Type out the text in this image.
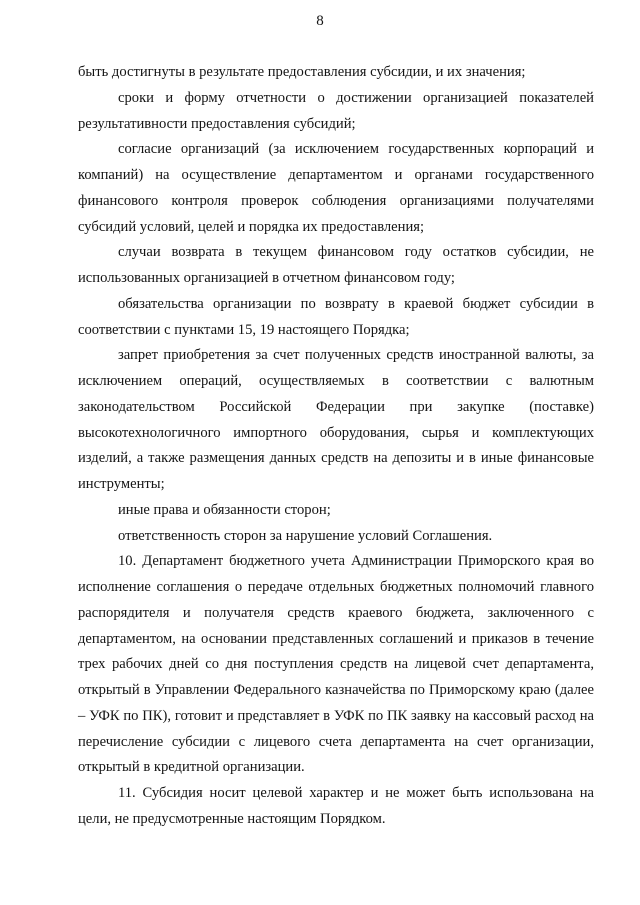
8

быть достигнуты в результате предоставления субсидии, и их значения;

сроки и форму отчетности о достижении организацией показателей результативности предоставления субсидий;

согласие организаций (за исключением государственных корпораций и компаний) на осуществление департаментом и органами государственного финансового контроля проверок соблюдения организациями получателями субсидий условий, целей и порядка их предоставления;

случаи возврата в текущем финансовом году остатков субсидии, не использованных организацией в отчетном финансовом году;

обязательства организации по возврату в краевой бюджет субсидии в соответствии с пунктами 15, 19 настоящего Порядка;

запрет приобретения за счет полученных средств иностранной валюты, за исключением операций, осуществляемых в соответствии с валютным законодательством Российской Федерации при закупке (поставке) высокотехнологичного импортного оборудования, сырья и комплектующих изделий, а также размещения данных средств на депозиты и в иные финансовые инструменты;

иные права и обязанности сторон;

ответственность сторон за нарушение условий Соглашения.

10. Департамент бюджетного учета Администрации Приморского края во исполнение соглашения о передаче отдельных бюджетных полномочий главного распорядителя и получателя средств краевого бюджета, заключенного с департаментом, на основании представленных соглашений и приказов в течение трех рабочих дней со дня поступления средств на лицевой счет департамента, открытый в Управлении Федерального казначейства по Приморскому краю (далее – УФК по ПК), готовит и представляет в УФК по ПК заявку на кассовый расход на перечисление субсидии с лицевого счета департамента на счет организации, открытый в кредитной организации.

11. Субсидия носит целевой характер и не может быть использована на цели, не предусмотренные настоящим Порядком.
